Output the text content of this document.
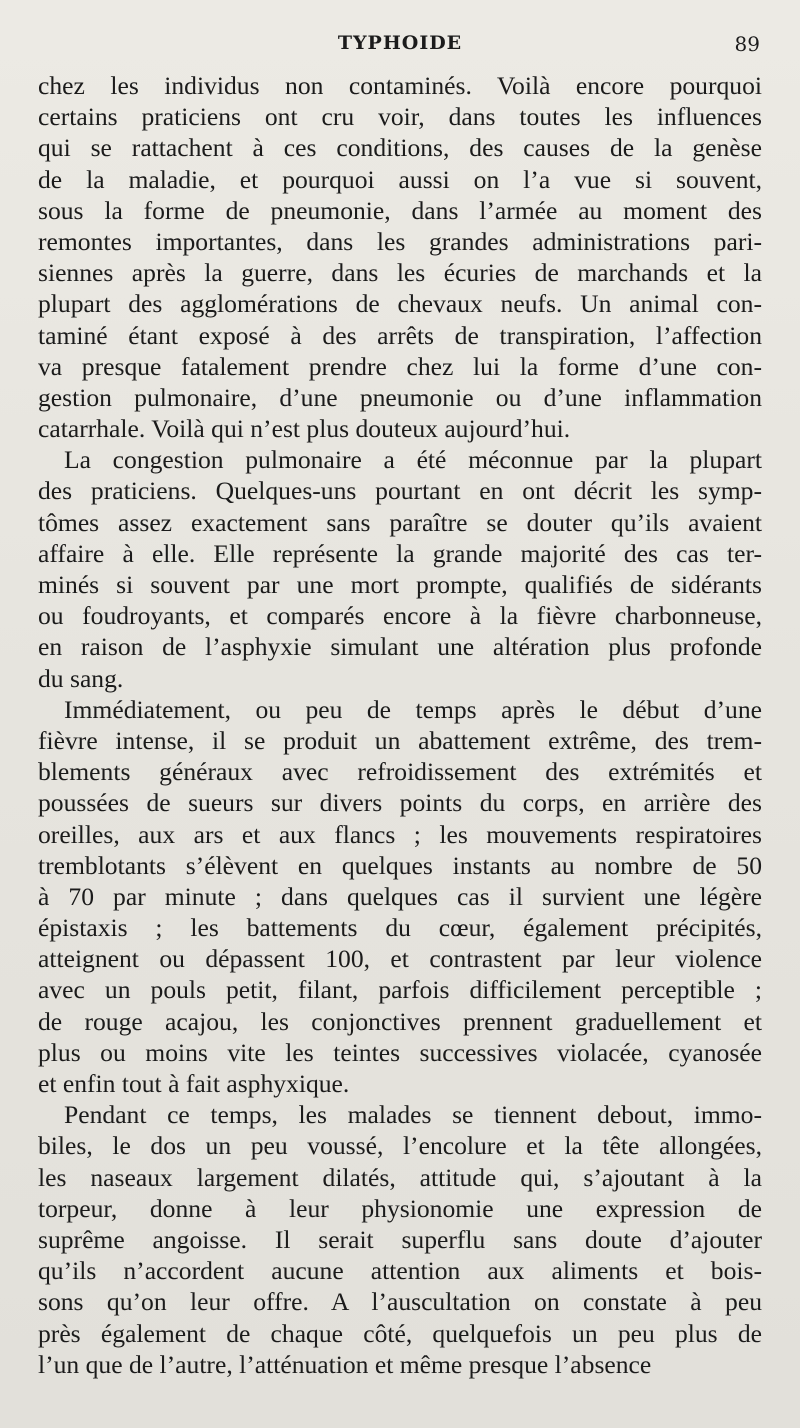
TYPHOIDE	89

chez les individus non contaminés. Voilà encore pourquoi
certains praticiens ont cru voir, dans toutes les influences
qui se rattachent à ces conditions, des causes de la genèse
de la maladie, et pourquoi aussi on l’a vue si souvent,
sous la forme de pneumonie, dans l’armée au moment des
remontes importantes, dans les grandes administrations pari-
siennes après la guerre, dans les écuries de marchands et la
plupart des agglomérations de chevaux neufs. Un animal con-
taminé étant exposé à des arrêts de transpiration, l’affection
va presque fatalement prendre chez lui la forme d’une con-
gestion pulmonaire, d’une pneumonie ou d’une inflammation
catarrhale. Voilà qui n’est plus douteux aujourd’hui.

La congestion pulmonaire a été méconnue par la plupart
des praticiens. Quelques-uns pourtant en ont décrit les symp-
tômes assez exactement sans paraître se douter qu’ils avaient
affaire à elle. Elle représente la grande majorité des cas ter-
minés si souvent par une mort prompte, qualifiés de sidérants
ou foudroyants, et comparés encore à la fièvre charbonneuse,
en raison de l’asphyxie simulant une altération plus profonde
du sang.

Immédiatement, ou peu de temps après le début d’une
fièvre intense, il se produit un abattement extrême, des trem-
blements généraux avec refroidissement des extrémités et
poussées de sueurs sur divers points du corps, en arrière des
oreilles, aux ars et aux flancs ; les mouvements respiratoires
tremblotants s’élèvent en quelques instants au nombre de 50
à 70 par minute ; dans quelques cas il survient une légère
épistaxis ; les battements du cœur, également précipités,
atteignent ou dépassent 100, et contrastent par leur violence
avec un pouls petit, filant, parfois difficilement perceptible ;
de rouge acajou, les conjonctives prennent graduellement et
plus ou moins vite les teintes successives violacée, cyanosée
et enfin tout à fait asphyxique.

Pendant ce temps, les malades se tiennent debout, immo-
biles, le dos un peu voussé, l’encolure et la tête allongées,
les naseaux largement dilatés, attitude qui, s’ajoutant à la
torpeur, donne à leur physionomie une expression de
suprême angoisse. Il serait superflu sans doute d’ajouter
qu’ils n’accordent aucune attention aux aliments et bois-
sons qu’on leur offre. A l’auscultation on constate à peu
près également de chaque côté, quelquefois un peu plus de
l’un que de l’autre, l’atténuation et même presque l’absence
